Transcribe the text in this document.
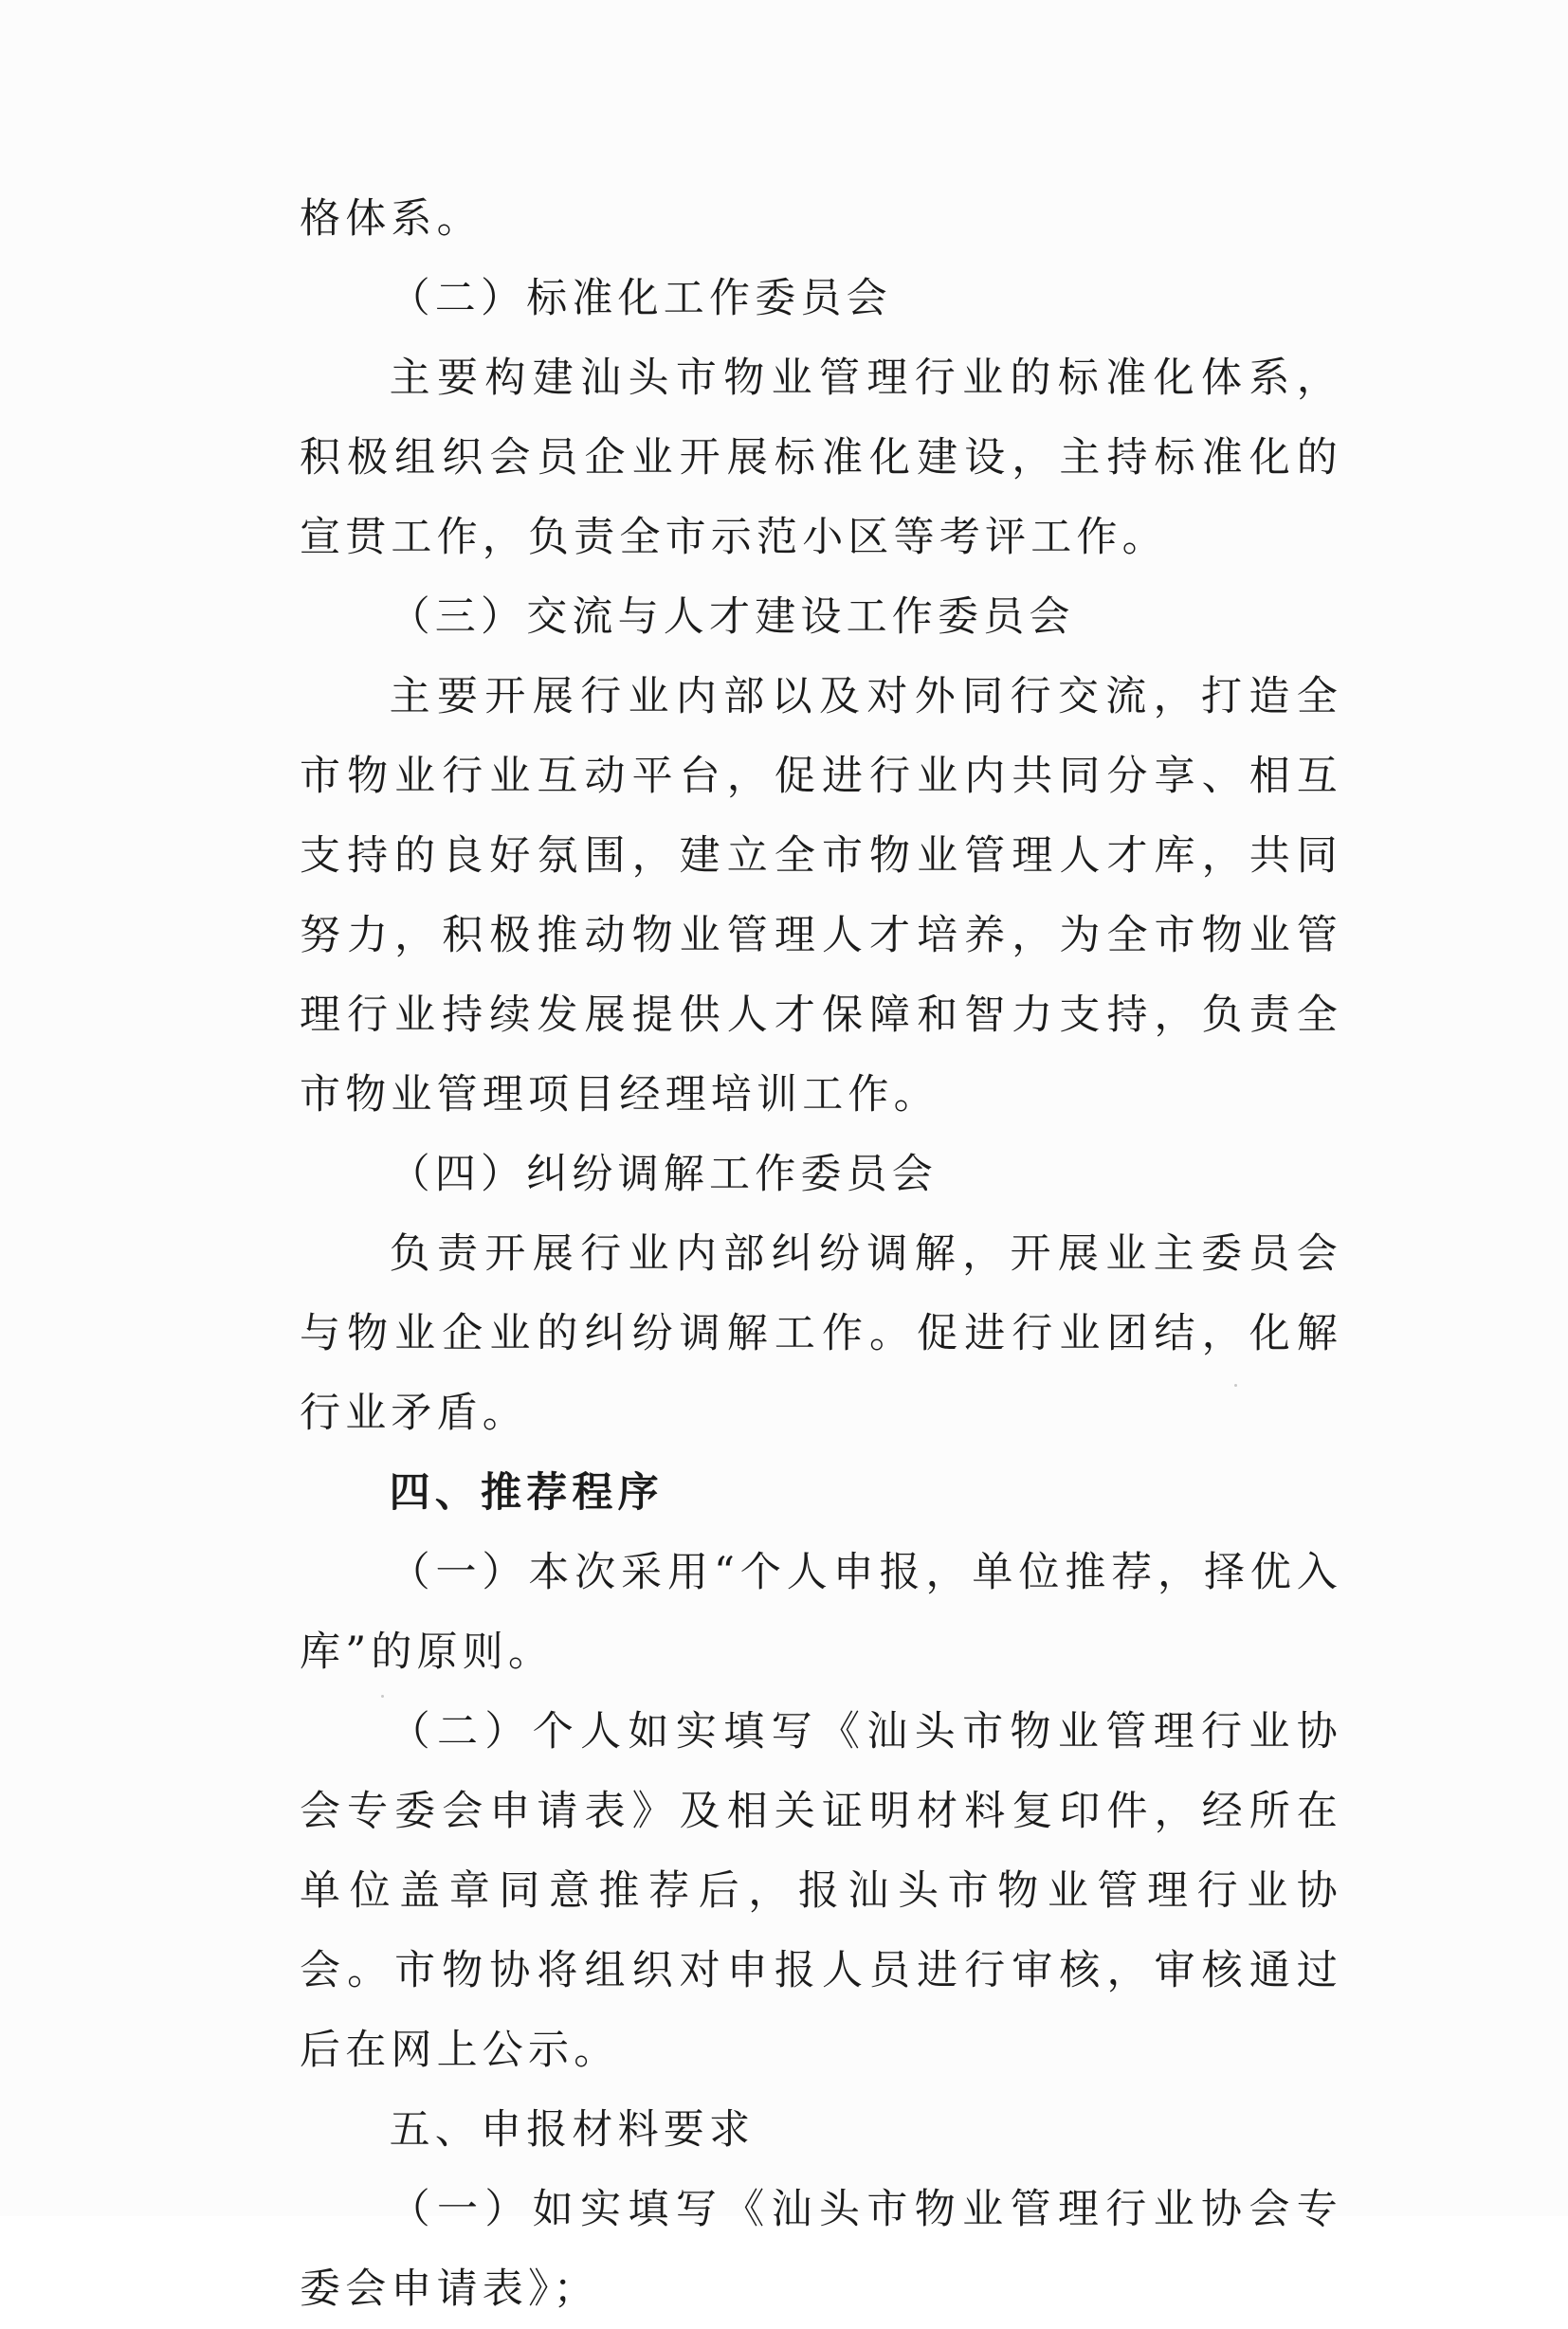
格体系。

（二）标准化工作委员会

主要构建汕头市物业管理行业的标准化体系，积极组织会员企业开展标准化建设，主持标准化的宣贯工作，负责全市示范小区等考评工作。

（三）交流与人才建设工作委员会

主要开展行业内部以及对外同行交流，打造全市物业行业互动平台，促进行业内共同分享、相互支持的良好氛围，建立全市物业管理人才库，共同努力，积极推动物业管理人才培养，为全市物业管理行业持续发展提供人才保障和智力支持，负责全市物业管理项目经理培训工作。

（四）纠纷调解工作委员会

负责开展行业内部纠纷调解，开展业主委员会与物业企业的纠纷调解工作。促进行业团结，化解行业矛盾。

四、推荐程序

（一）本次采用“个人申报，单位推荐，择优入库”的原则。

（二）个人如实填写《汕头市物业管理行业协会专委会申请表》及相关证明材料复印件，经所在单位盖章同意推荐后，报汕头市物业管理行业协会。市物协将组织对申报人员进行审核，审核通过后在网上公示。

五、申报材料要求

（一）如实填写《汕头市物业管理行业协会专委会申请表》；
